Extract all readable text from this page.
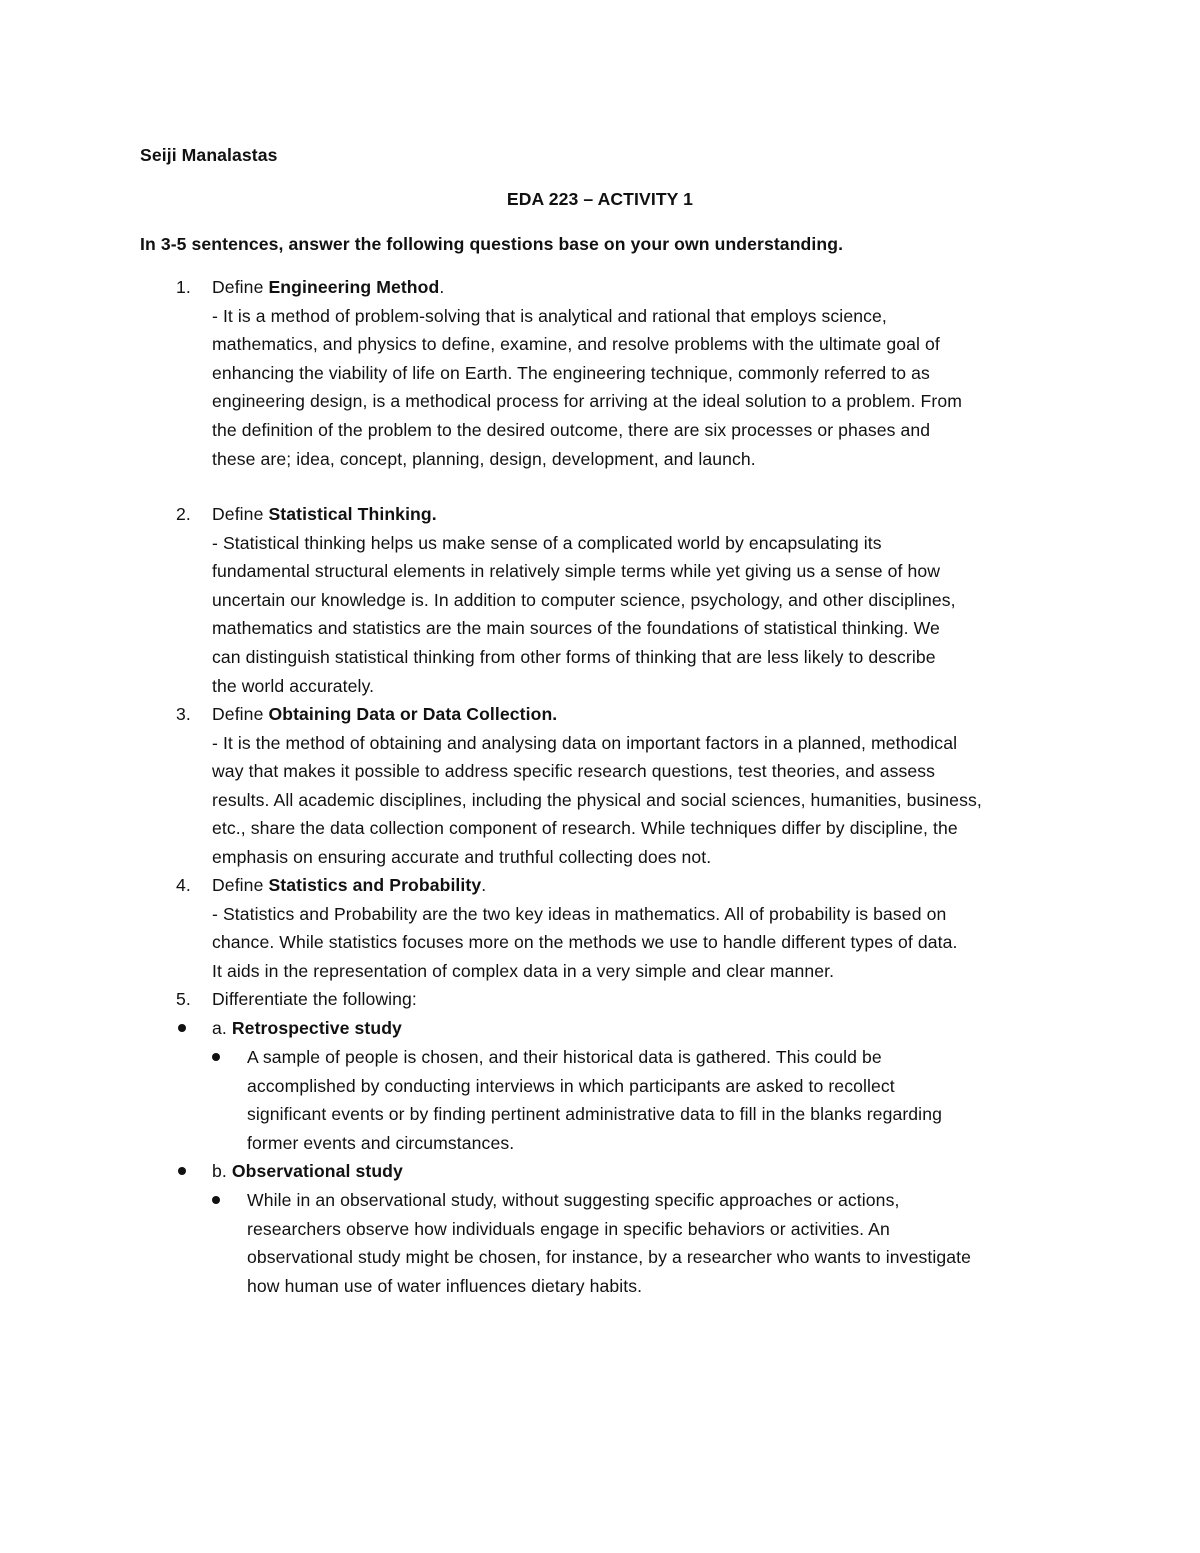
Seiji Manalastas
EDA 223 – ACTIVITY 1
In 3-5 sentences, answer the following questions base on your own understanding.
1.	Define Engineering Method.
- It is a method of problem-solving that is analytical and rational that employs science,
mathematics, and physics to define, examine, and resolve problems with the ultimate goal of
enhancing the viability of life on Earth. The engineering technique, commonly referred to as
engineering design, is a methodical process for arriving at the ideal solution to a problem. From
the definition of the problem to the desired outcome, there are six processes or phases and
these are; idea, concept, planning, design, development, and launch.
2.	Define Statistical Thinking.
- Statistical thinking helps us make sense of a complicated world by encapsulating its
fundamental structural elements in relatively simple terms while yet giving us a sense of how
uncertain our knowledge is. In addition to computer science, psychology, and other disciplines,
mathematics and statistics are the main sources of the foundations of statistical thinking. We
can distinguish statistical thinking from other forms of thinking that are less likely to describe
the world accurately.
3.	Define Obtaining Data or Data Collection.
- It is the method of obtaining and analysing data on important factors in a planned, methodical
way that makes it possible to address specific research questions, test theories, and assess
results. All academic disciplines, including the physical and social sciences, humanities, business,
etc., share the data collection component of research. While techniques differ by discipline, the
emphasis on ensuring accurate and truthful collecting does not.
4.	Define Statistics and Probability.
- Statistics and Probability are the two key ideas in mathematics. All of probability is based on
chance. While statistics focuses more on the methods we use to handle different types of data.
It aids in the representation of complex data in a very simple and clear manner.
5.	Differentiate the following:
a. Retrospective study
A sample of people is chosen, and their historical data is gathered. This could be
accomplished by conducting interviews in which participants are asked to recollect
significant events or by finding pertinent administrative data to fill in the blanks regarding
former events and circumstances.
b. Observational study
While in an observational study, without suggesting specific approaches or actions,
researchers observe how individuals engage in specific behaviors or activities. An
observational study might be chosen, for instance, by a researcher who wants to investigate
how human use of water influences dietary habits.
